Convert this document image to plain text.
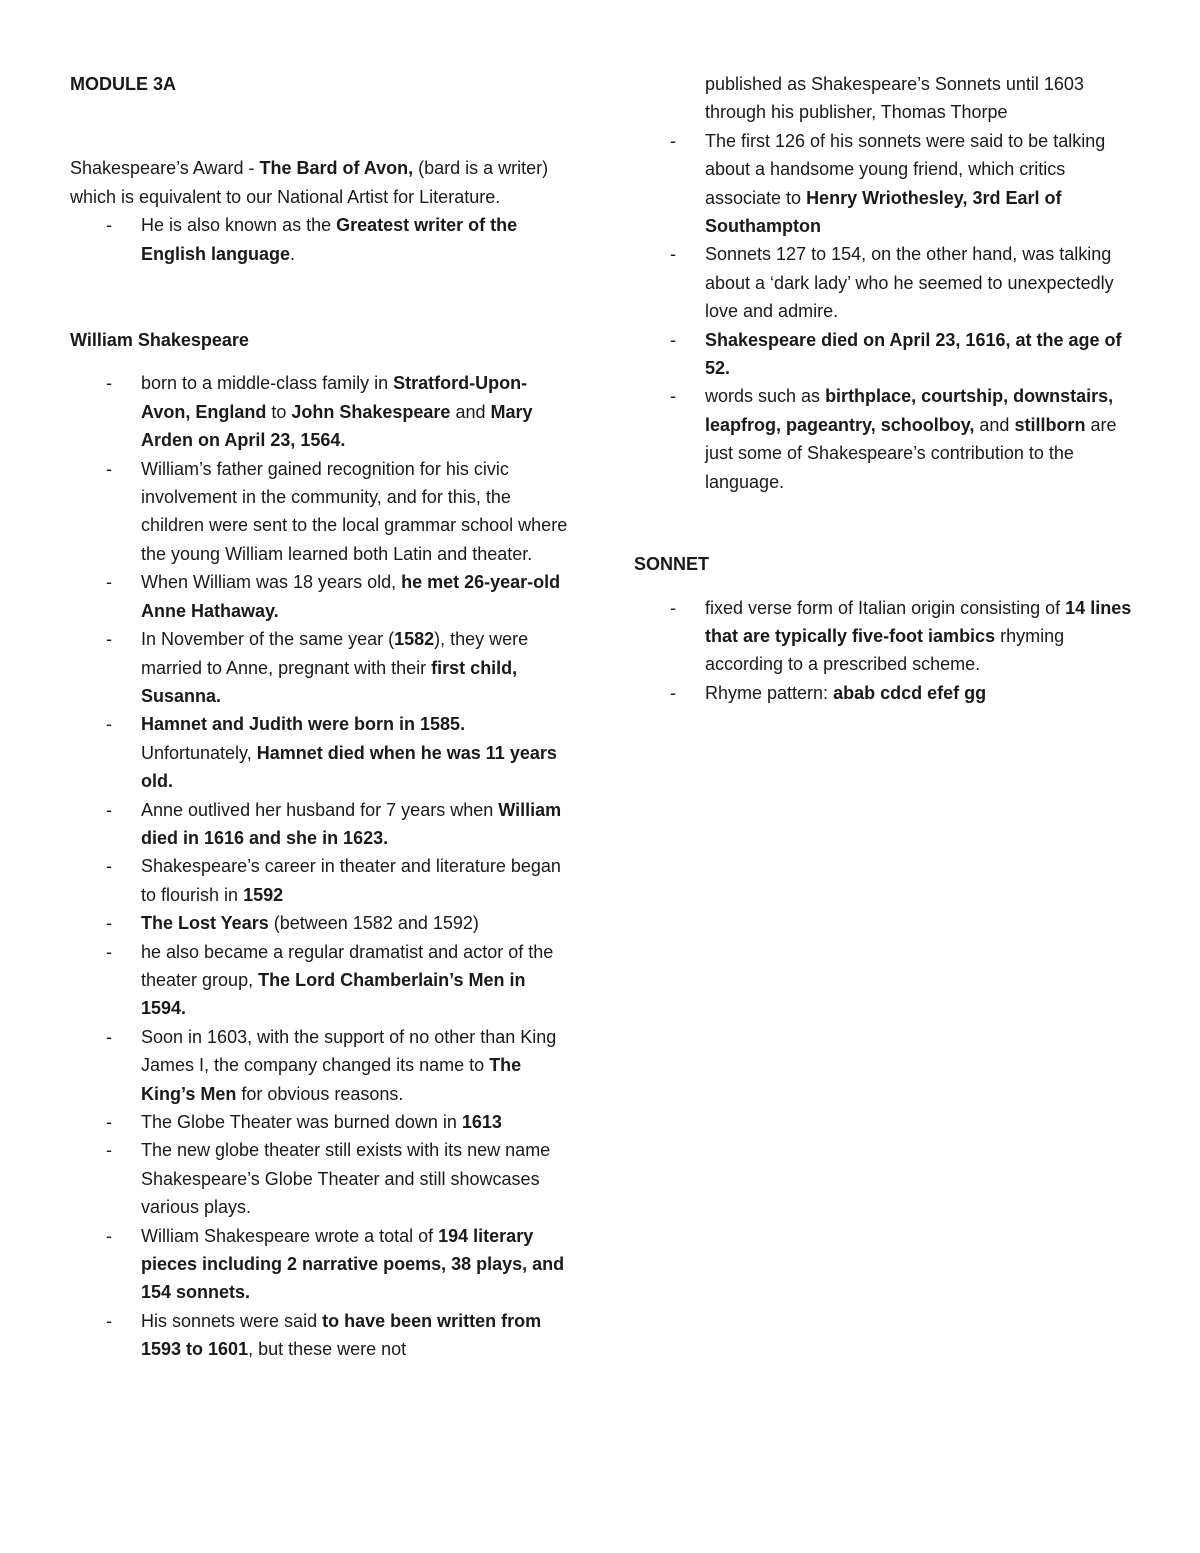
MODULE 3A

Shakespeare’s Award - The Bard of Avon, (bard is a writer) which is equivalent to our National Artist for Literature.

- He is also known as the Greatest writer of the English language.

William Shakespeare

- born to a middle-class family in Stratford-Upon-Avon, England to John Shakespeare and Mary Arden on April 23, 1564.
- William’s father gained recognition for his civic involvement in the community, and for this, the children were sent to the local grammar school where the young William learned both Latin and theater.
- When William was 18 years old, he met 26-year-old Anne Hathaway.
- In November of the same year (1582), they were married to Anne, pregnant with their first child, Susanna.
- Hamnet and Judith were born in 1585. Unfortunately, Hamnet died when he was 11 years old.
- Anne outlived her husband for 7 years when William died in 1616 and she in 1623.
- Shakespeare’s career in theater and literature began to flourish in 1592
- The Lost Years (between 1582 and 1592)
- he also became a regular dramatist and actor of the theater group, The Lord Chamberlain’s Men in 1594.
- Soon in 1603, with the support of no other than King James I, the company changed its name to The King’s Men for obvious reasons.
- The Globe Theater was burned down in 1613
- The new globe theater still exists with its new name Shakespeare’s Globe Theater and still showcases various plays.
- William Shakespeare wrote a total of 194 literary pieces including 2 narrative poems, 38 plays, and 154 sonnets.
- His sonnets were said to have been written from 1593 to 1601, but these were not
published as Shakespeare’s Sonnets until 1603 through his publisher, Thomas Thorpe
- The first 126 of his sonnets were said to be talking about a handsome young friend, which critics associate to Henry Wriothesley, 3rd Earl of Southampton
- Sonnets 127 to 154, on the other hand, was talking about a ‘dark lady’ who he seemed to unexpectedly love and admire.
- Shakespeare died on April 23, 1616, at the age of 52.
- words such as birthplace, courtship, downstairs, leapfrog, pageantry, schoolboy, and stillborn are just some of Shakespeare’s contribution to the language.

SONNET

- fixed verse form of Italian origin consisting of 14 lines that are typically five-foot iambics rhyming according to a prescribed scheme.
- Rhyme pattern: abab cdcd efef gg
